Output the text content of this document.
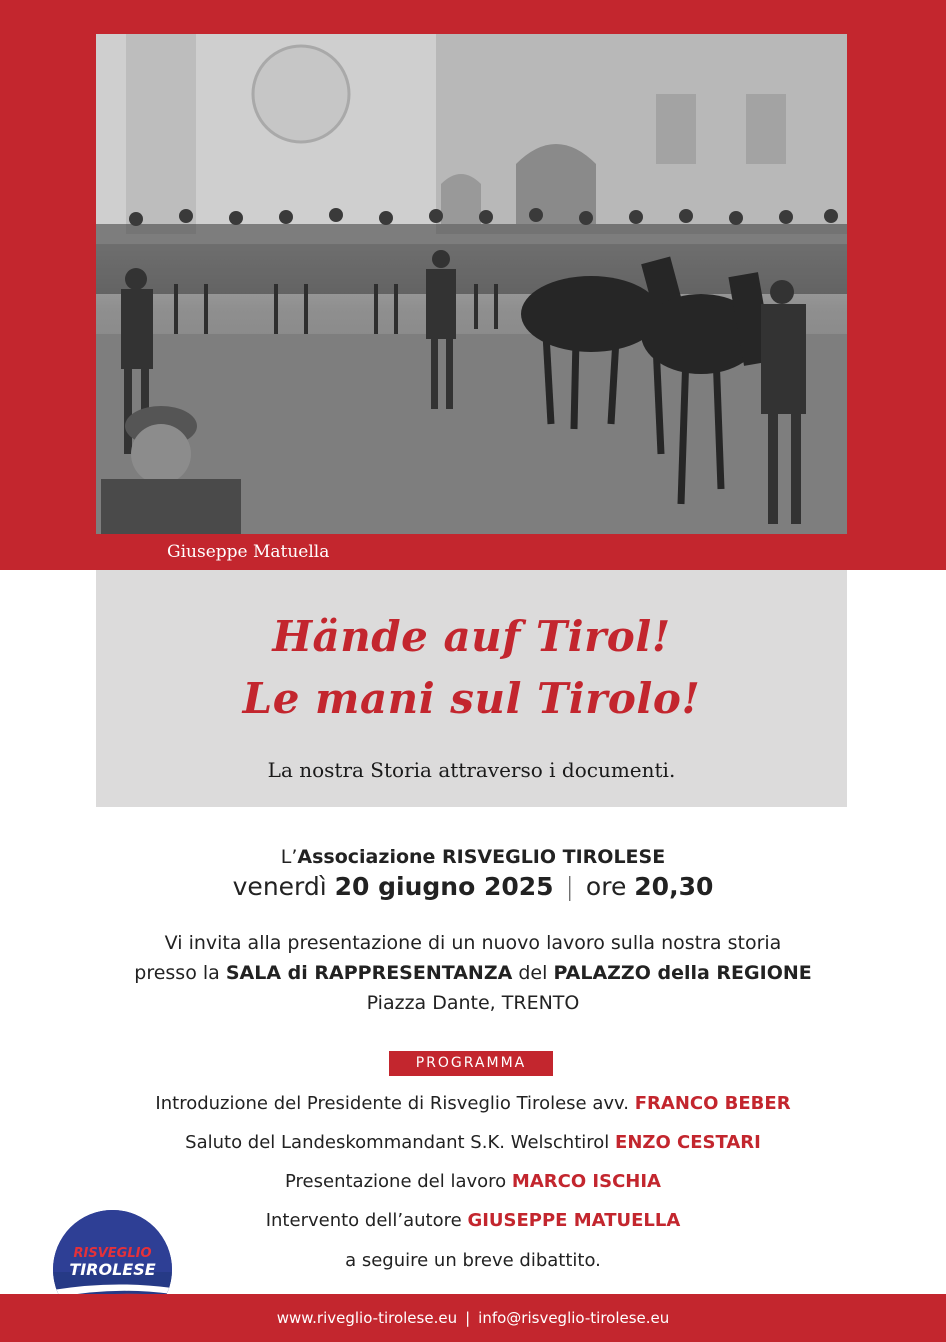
Giuseppe Matuella
Hände auf Tirol!
Le mani sul Tirolo!
La nostra Storia attraverso i documenti.
L’Associazione RISVEGLIO TIROLESE
venerdì 20 giugno 2025 | ore 20,30
Vi invita alla presentazione di un nuovo lavoro sulla nostra storia
presso la SALA di RAPPRESENTANZA del PALAZZO della REGIONE
Piazza Dante, TRENTO
PROGRAMMA
Introduzione del Presidente di Risveglio Tirolese avv. FRANCO BEBER
Saluto del Landeskommandant S.K. Welschtirol ENZO CESTARI
Presentazione del lavoro MARCO ISCHIA
Intervento dell’autore GIUSEPPE MATUELLA
a seguire un breve dibattito.
RISVEGLIO
TIROLESE
www.riveglio-tirolese.eu | info@risveglio-tirolese.eu
